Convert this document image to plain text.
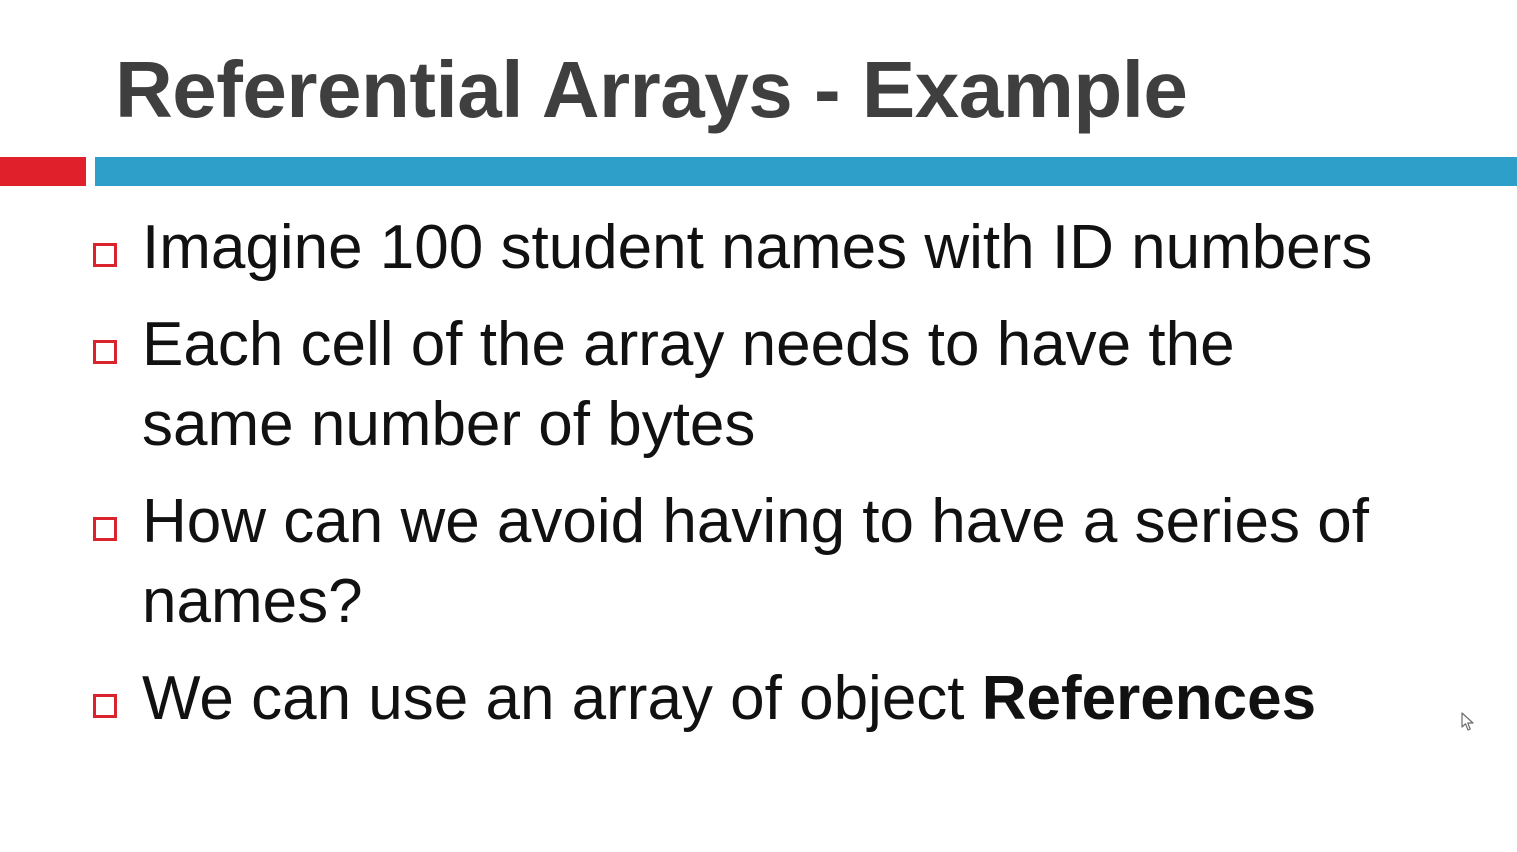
Referential Arrays - Example
Imagine 100 student names with ID numbers
Each cell of the array needs to have the
same number of bytes
How can we avoid having to have a series of
names?
We can use an array of object References
